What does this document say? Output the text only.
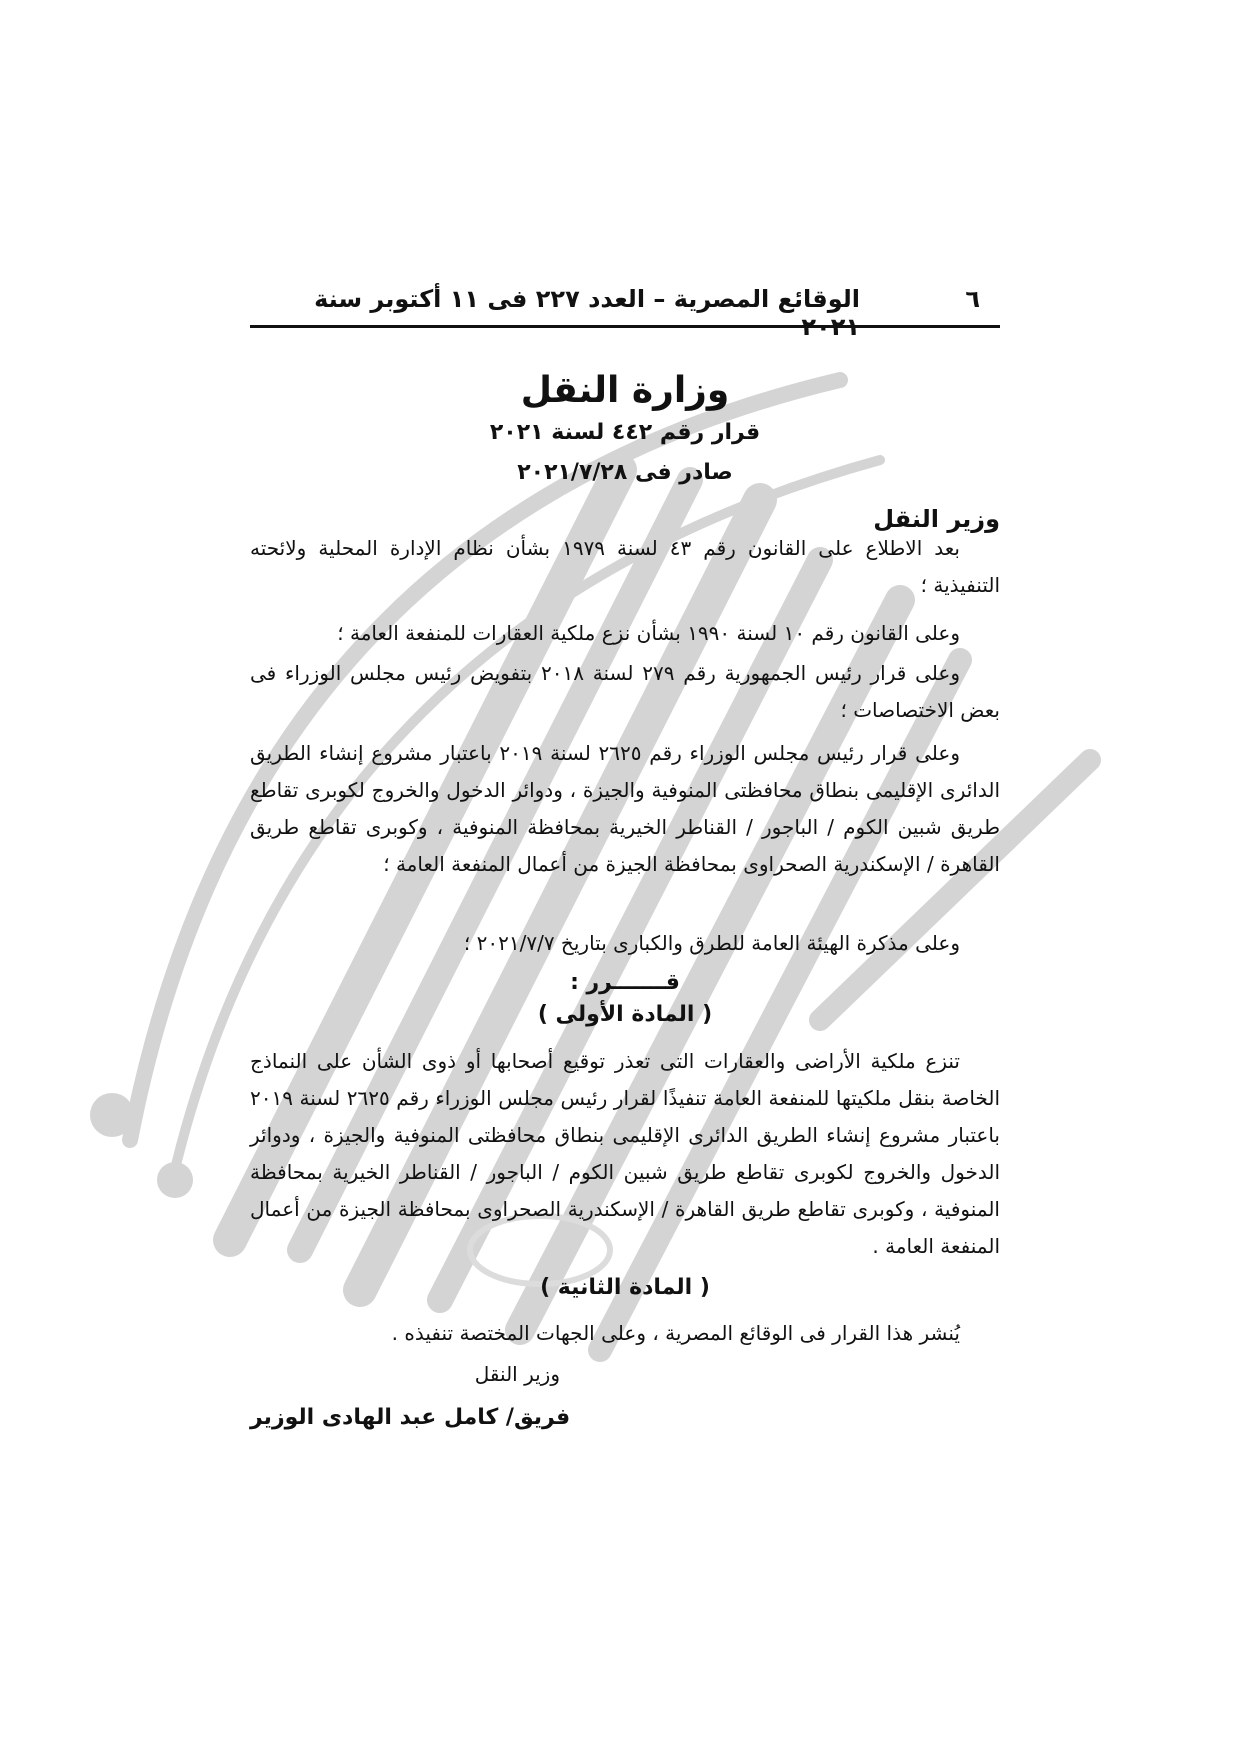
٦
الوقائع المصرية – العدد ٢٢٧ فى ١١ أكتوبر سنة ٢٠٢١
وزارة النقل
قرار رقم ٤٤٢ لسنة ٢٠٢١
صادر فى ٢٠٢١/٧/٢٨
وزير النقل
بعد الاطلاع على القانون رقم ٤٣ لسنة ١٩٧٩ بشأن نظام الإدارة المحلية ولائحته التنفيذية ؛
وعلى القانون رقم ١٠ لسنة ١٩٩٠ بشأن نزع ملكية العقارات للمنفعة العامة ؛
وعلى قرار رئيس الجمهورية رقم ٢٧٩ لسنة ٢٠١٨ بتفويض رئيس مجلس الوزراء فى بعض الاختصاصات ؛
وعلى قرار رئيس مجلس الوزراء رقم ٢٦٢٥ لسنة ٢٠١٩ باعتبار مشروع إنشاء الطريق الدائرى الإقليمى بنطاق محافظتى المنوفية والجيزة ، ودوائر الدخول والخروج لكوبرى تقاطع طريق شبين الكوم / الباجور / القناطر الخيرية بمحافظة المنوفية ، وكوبرى تقاطع طريق القاهرة / الإسكندرية الصحراوى بمحافظة الجيزة من أعمال المنفعة العامة ؛
وعلى مذكرة الهيئة العامة للطرق والكبارى بتاريخ ٢٠٢١/٧/٧ ؛
قـــــــرر :
( المادة الأولى )
تنزع ملكية الأراضى والعقارات التى تعذر توقيع أصحابها أو ذوى الشأن على النماذج الخاصة بنقل ملكيتها للمنفعة العامة تنفيذًا لقرار رئيس مجلس الوزراء رقم ٢٦٢٥ لسنة ٢٠١٩ باعتبار مشروع إنشاء الطريق الدائرى الإقليمى بنطاق محافظتى المنوفية والجيزة ، ودوائر الدخول والخروج لكوبرى تقاطع طريق شبين الكوم / الباجور / القناطر الخيرية بمحافظة المنوفية ، وكوبرى تقاطع طريق القاهرة / الإسكندرية الصحراوى بمحافظة الجيزة من أعمال المنفعة العامة .
( المادة الثانية )
يُنشر هذا القرار فى الوقائع المصرية ، وعلى الجهات المختصة تنفيذه .
وزير النقل
فريق/ كامل عبد الهادى الوزير
